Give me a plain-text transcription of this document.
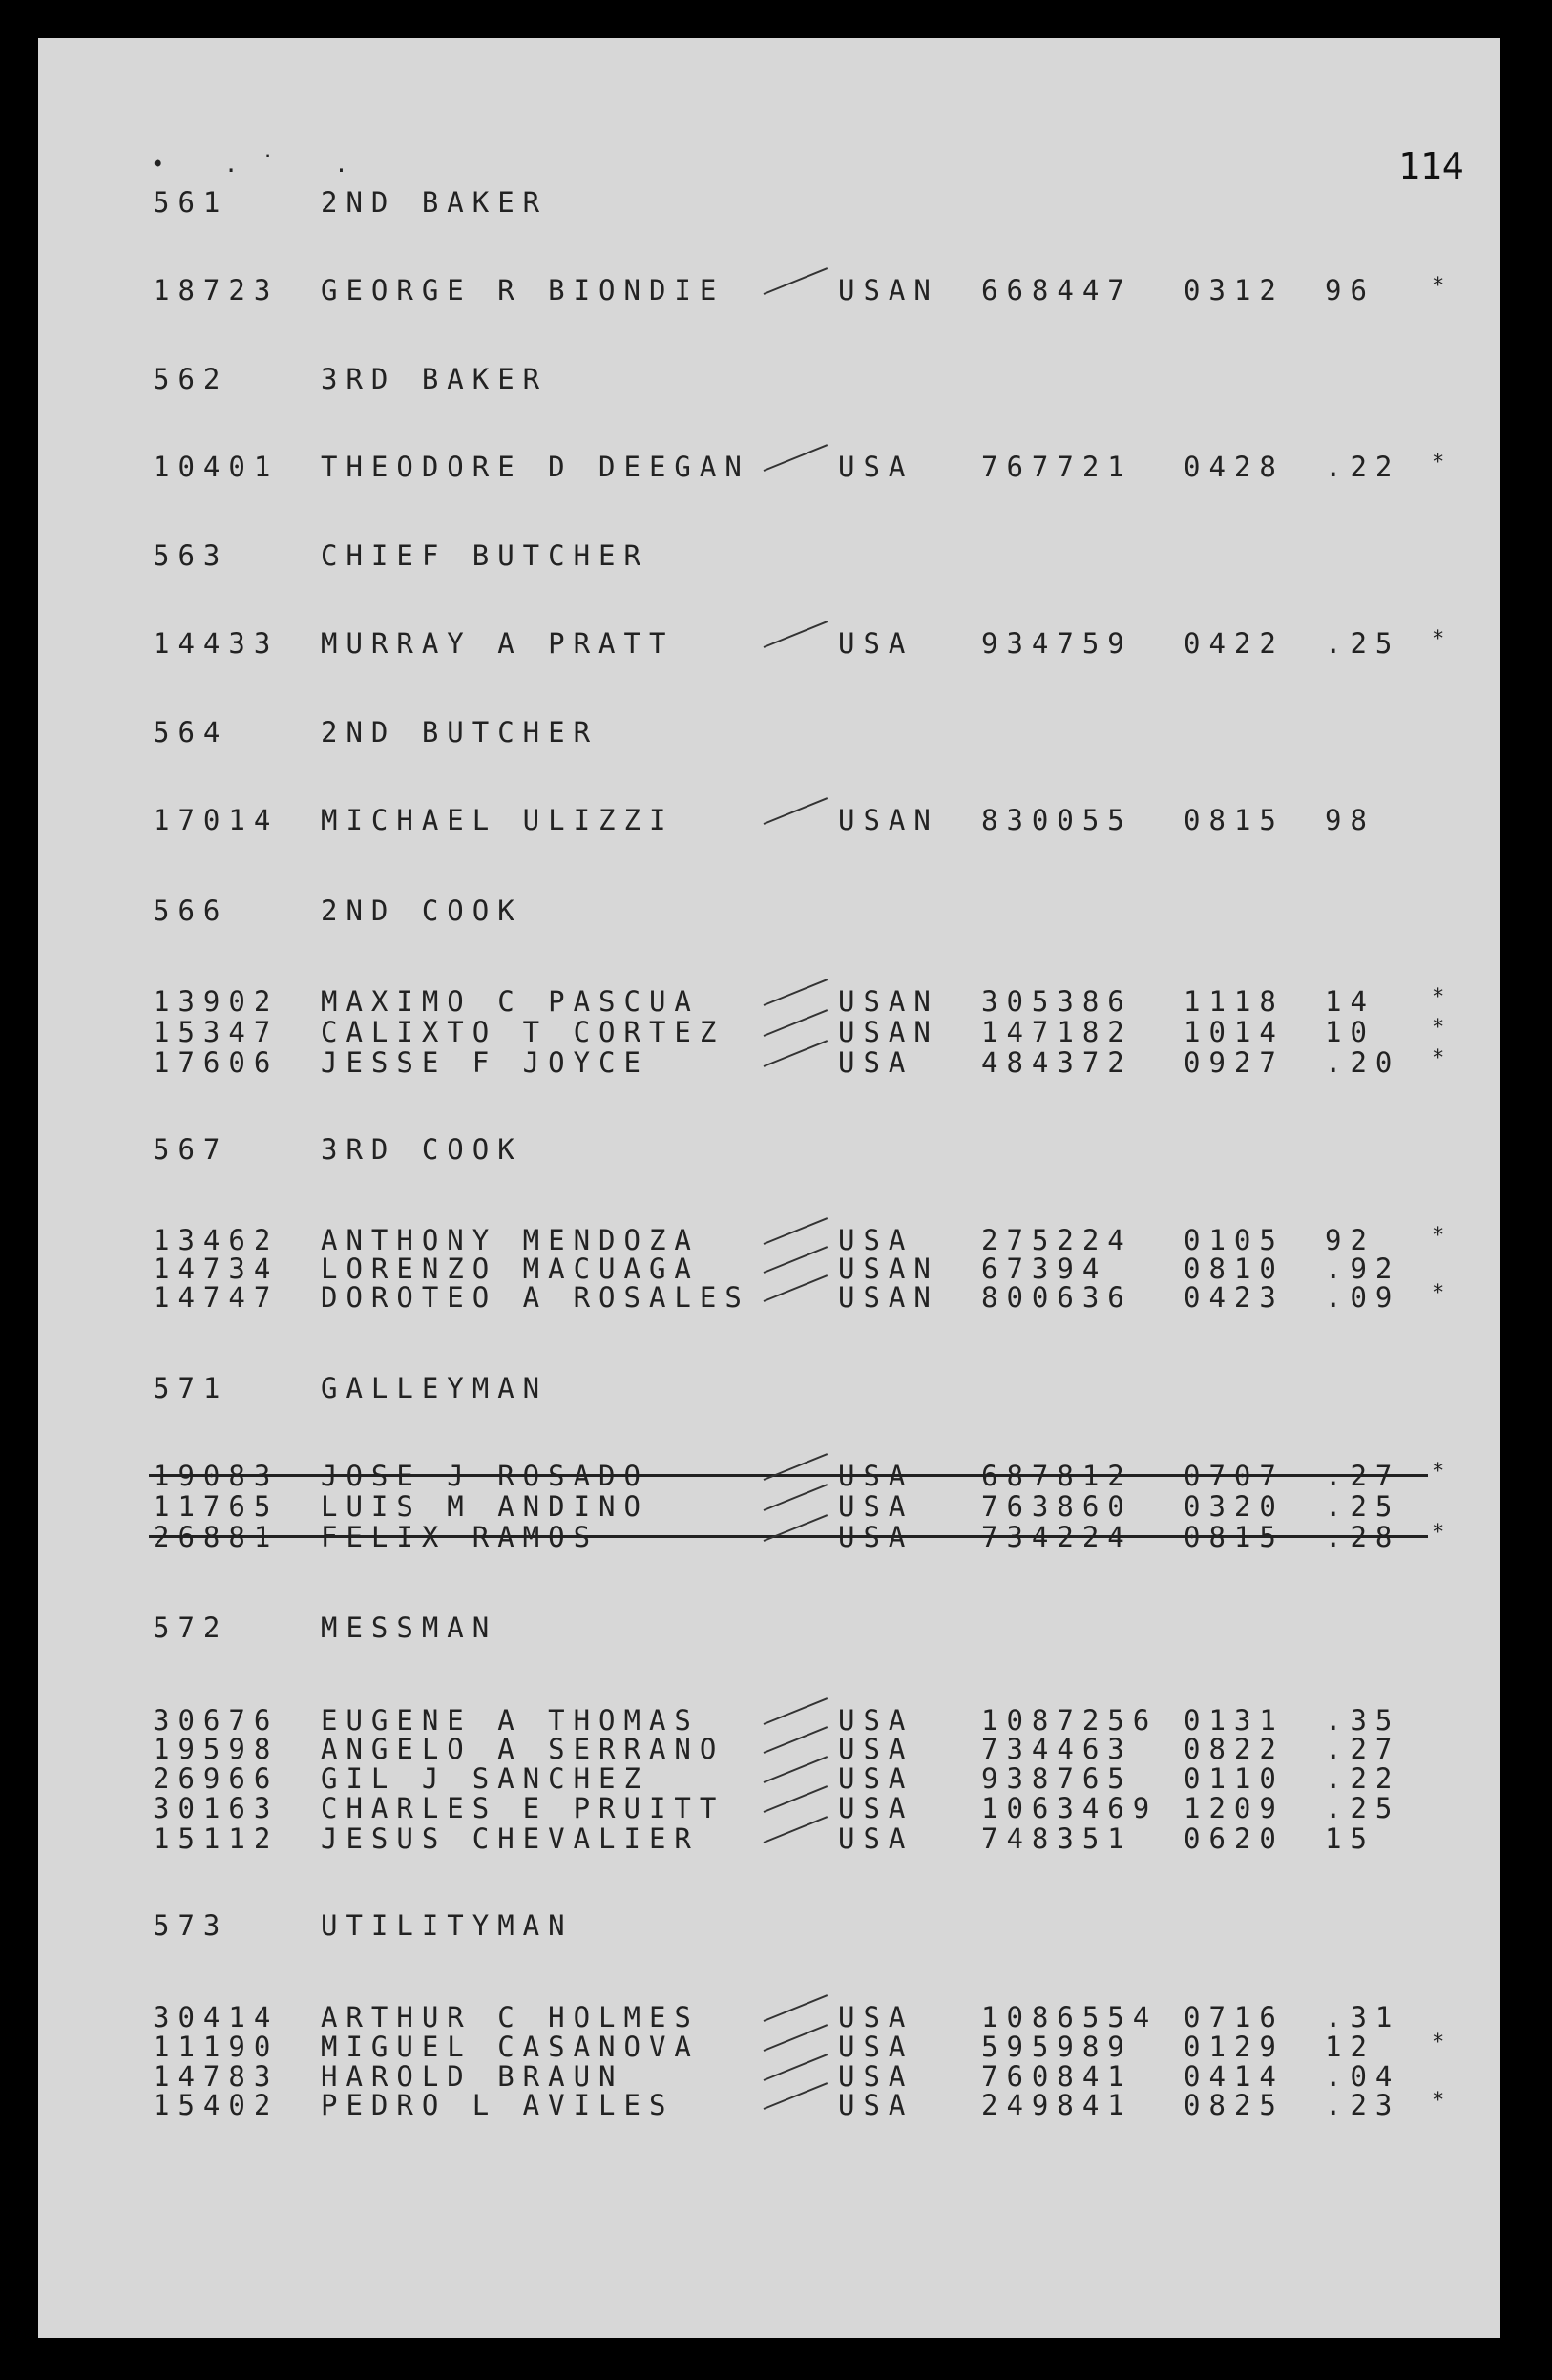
• .˙ .	114
561	2ND BAKER
18723 GEORGE R BIONDIE	USAN 668447 0312 96	*
562	3RD BAKER
10401 THEODORE D DEEGAN	USA 767721 0428 .22 *
563	CHIEF BUTCHER
14433 MURRAY A PRATT	USA 934759 0422 .25 *
564	2ND BUTCHER
17014 MICHAEL ULIZZI	USAN 830055 0815 98
566	2ND COOK
13902 MAXIMO C PASCUA	USAN 305386 1118 14	*
15347 CALIXTO T CORTEZ	USAN 147182 1014 10	*
17606 JESSE F JOYCE	USA 484372 0927 .20 *
567	3RD COOK
13462 ANTHONY MENDOZA	USA 275224 0105 92	*
14734 LORENZO MACUAGA	USAN 67394	0810 .92
14747 DOROTEO A ROSALES	USAN 800636 0423 .09 *
571	GALLEYMAN
19083 JOSE J ROSADO	USA 687812 0707 .27 *
11765 LUIS M ANDINO	USA 763860 0320 .25
26881 FELIX RAMOS	USA 734224 0815 .28 *
572	MESSMAN
30676 EUGENE A THOMAS	USA 1087256 0131 .35
19598 ANGELO A SERRANO	USA 734463 0822 .27
26966 GIL J SANCHEZ	USA 938765 0110 .22
30163 CHARLES E PRUITT	USA 1063469 1209 .25
15112 JESUS CHEVALIER	USA 748351 0620 15
573	UTILITYMAN
30414 ARTHUR C HOLMES	USA 1086554 0716 .31
11190 MIGUEL CASANOVA	USA 595989 0129 12	*
14783 HAROLD BRAUN	USA 760841 0414 .04
15402 PEDRO L AVILES	USA 249841 0825 .23 *
